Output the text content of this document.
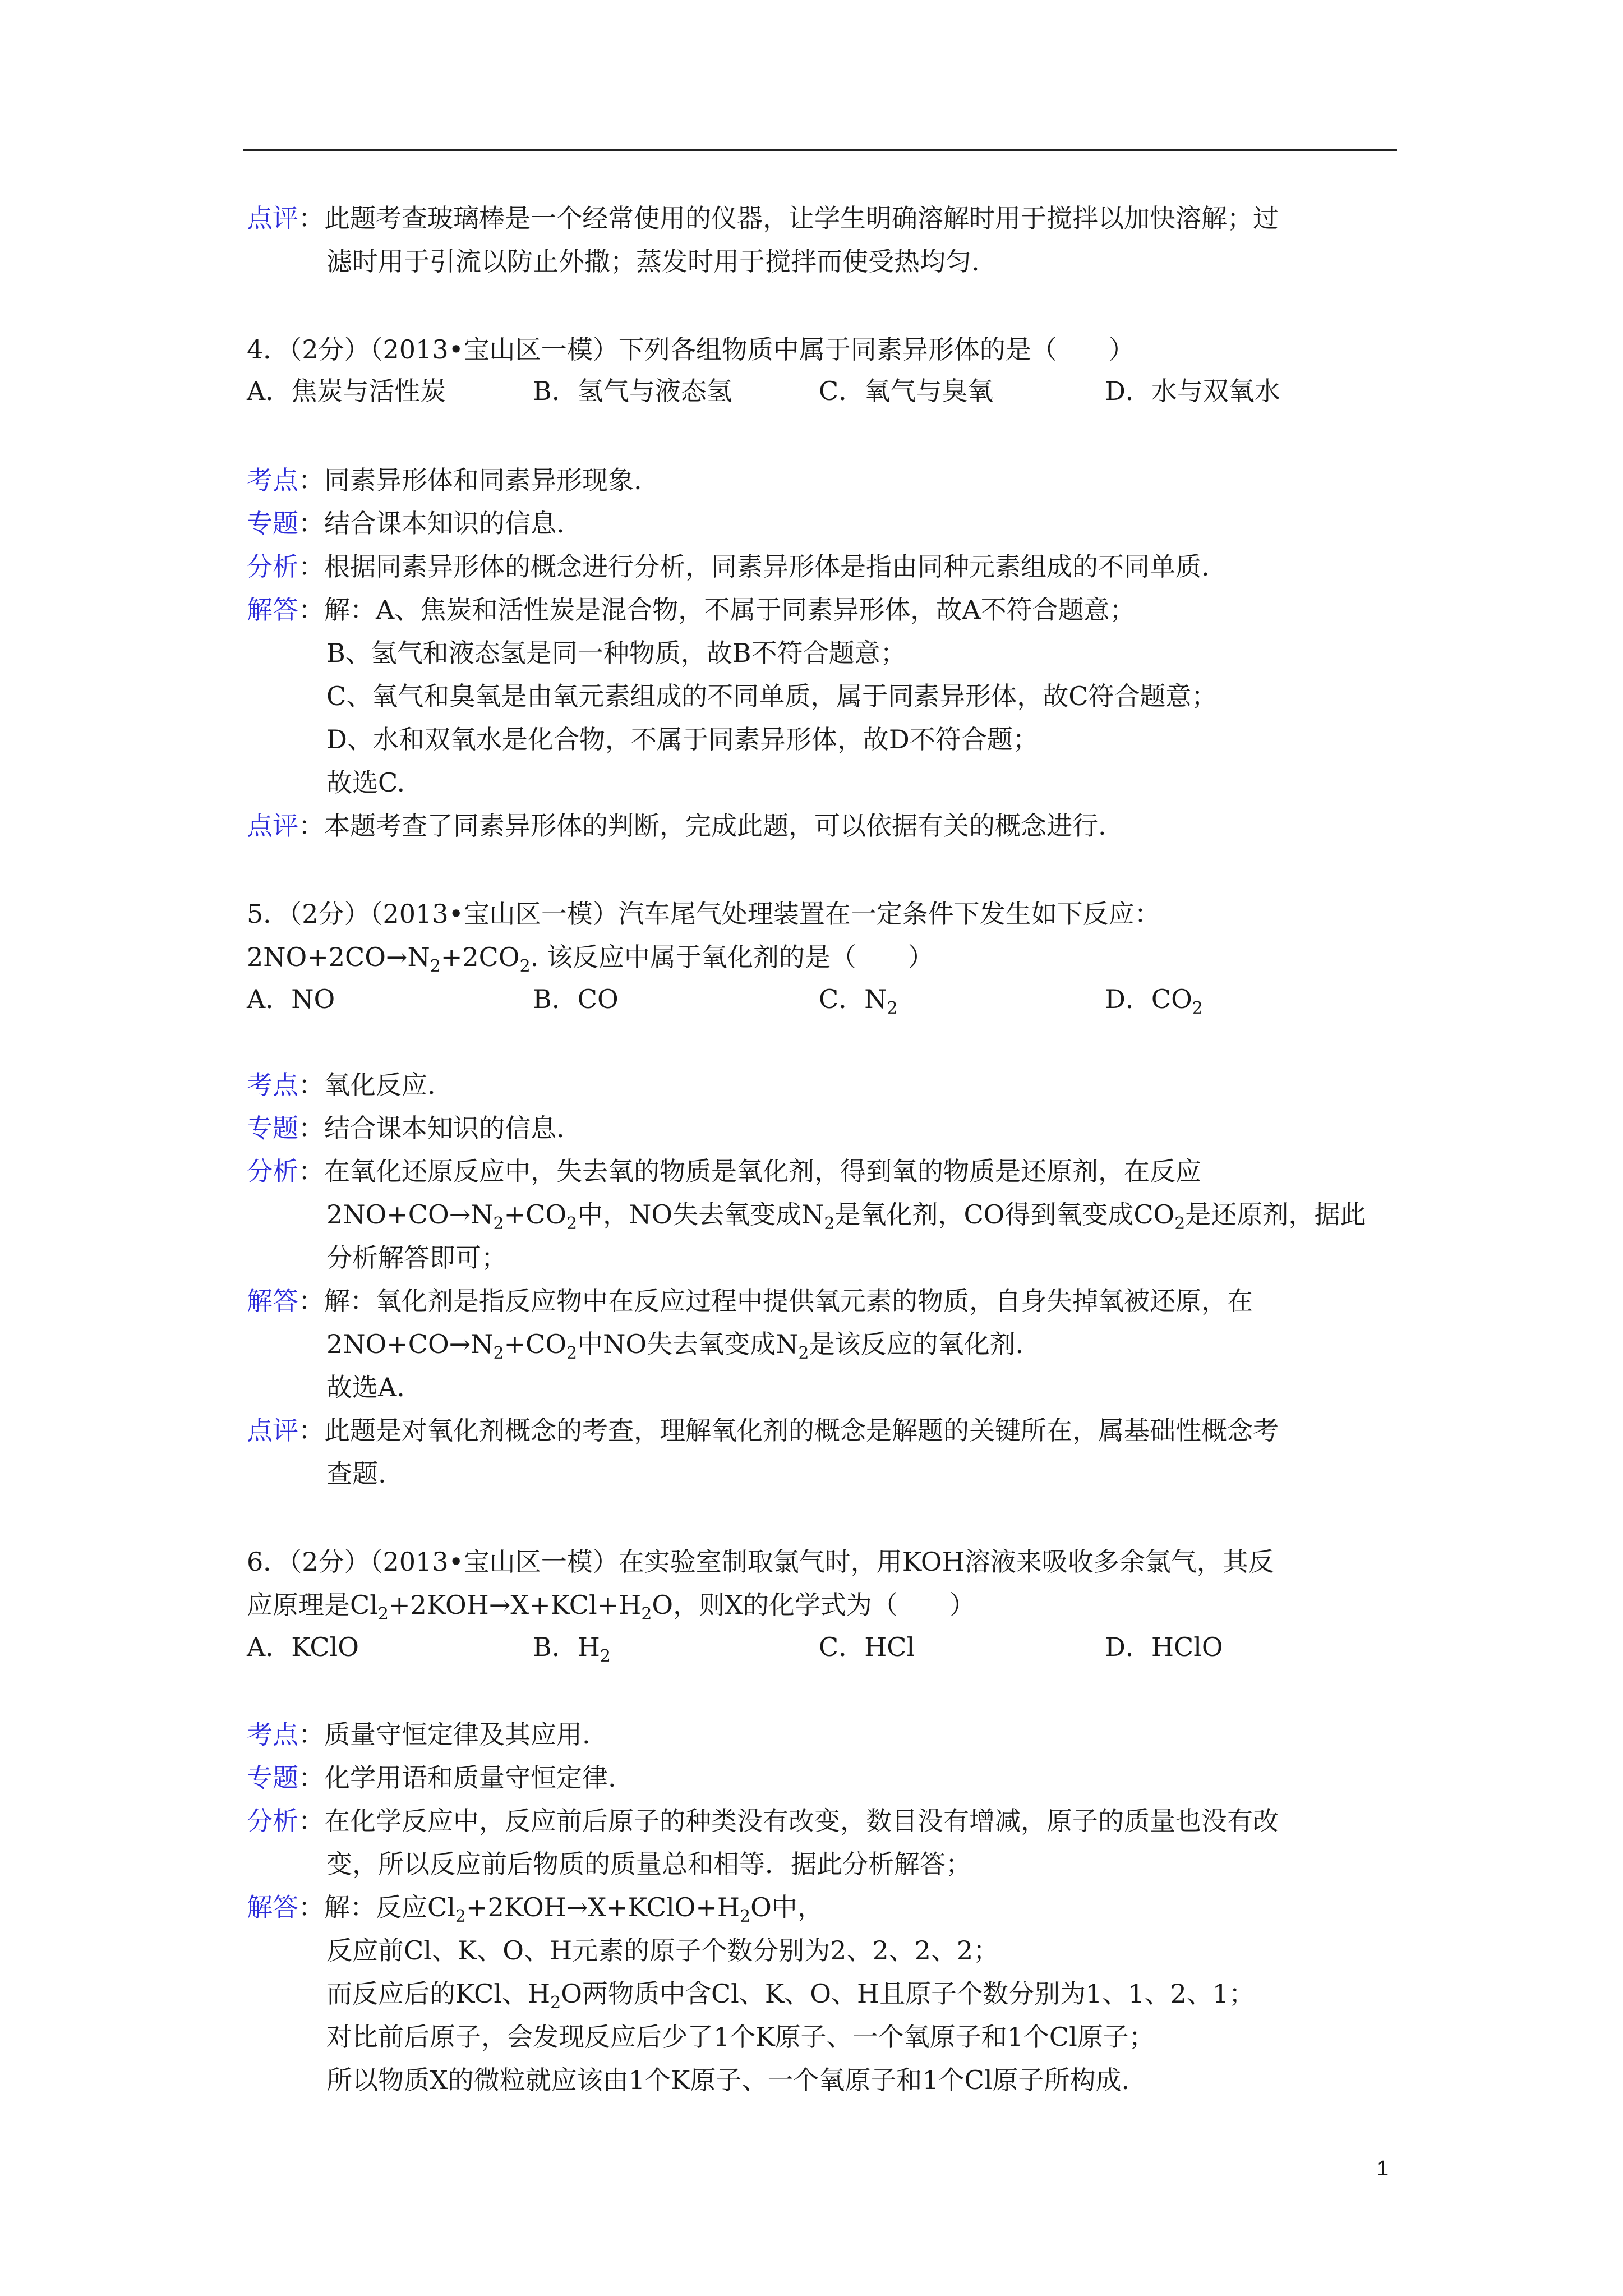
点评：此题考查玻璃棒是一个经常使用的仪器，让学生明确溶解时用于搅拌以加快溶解；过
滤时用于引流以防止外撒；蒸发时用于搅拌而使受热均匀.
4．（2分）（2013•宝山区一模）下列各组物质中属于同素异形体的是（　　）
A．焦炭与活性炭	B．氢气与液态氢	C．氧气与臭氧	D．水与双氧水
考点：同素异形体和同素异形现象.
专题：结合课本知识的信息.
分析：根据同素异形体的概念进行分析，同素异形体是指由同种元素组成的不同单质.
解答：解：A、焦炭和活性炭是混合物，不属于同素异形体，故A不符合题意；
B、氢气和液态氢是同一种物质，故B不符合题意；
C、氧气和臭氧是由氧元素组成的不同单质，属于同素异形体，故C符合题意；
D、水和双氧水是化合物，不属于同素异形体，故D不符合题；
故选C.
点评：本题考查了同素异形体的判断，完成此题，可以依据有关的概念进行.
5．（2分）（2013•宝山区一模）汽车尾气处理装置在一定条件下发生如下反应：
$2NO+2CO\to N_2+2CO_2$. 该反应中属于氧化剂的是（　　）
A．NO	B．CO	C．$N_2$	D．$CO_2$
考点：氧化反应.
专题：结合课本知识的信息.
分析：在氧化还原反应中，失去氧的物质是氧化剂，得到氧的物质是还原剂，在反应
$2NO+CO\to N_2+CO_2$中，NO失去氧变成$N_2$是氧化剂，CO得到氧变成$CO_2$是还原剂，据此
分析解答即可；
解答：解：氧化剂是指反应物中在反应过程中提供氧元素的物质，自身失掉氧被还原，在
$2NO+CO\to N_2+CO_2$中NO失去氧变成$N_2$是该反应的氧化剂.
故选A.
点评：此题是对氧化剂概念的考查，理解氧化剂的概念是解题的关键所在，属基础性概念考
查题.
6．（2分）（2013•宝山区一模）在实验室制取氯气时，用KOH溶液来吸收多余氯气，其反
应原理是$Cl_2+2KOH\to X+KCl+H_2O$，则X的化学式为（　　）
A．KClO	B．$H_2$	C．HCl	D．HClO
考点：质量守恒定律及其应用.
专题：化学用语和质量守恒定律.
分析：在化学反应中，反应前后原子的种类没有改变，数目没有增减，原子的质量也没有改
变，所以反应前后物质的质量总和相等．据此分析解答；
解答：解：反应$Cl_2+2KOH\to X+KClO+H_2O$中，
反应前Cl、K、O、H元素的原子个数分别为2、2、2、2；
而反应后的KCl、$H_2O$两物质中含Cl、K、O、H且原子个数分别为1、1、2、1；
对比前后原子，会发现反应后少了1个K原子、一个氧原子和1个Cl原子；
所以物质X的微粒就应该由1个K原子、一个氧原子和1个Cl原子所构成.
1
